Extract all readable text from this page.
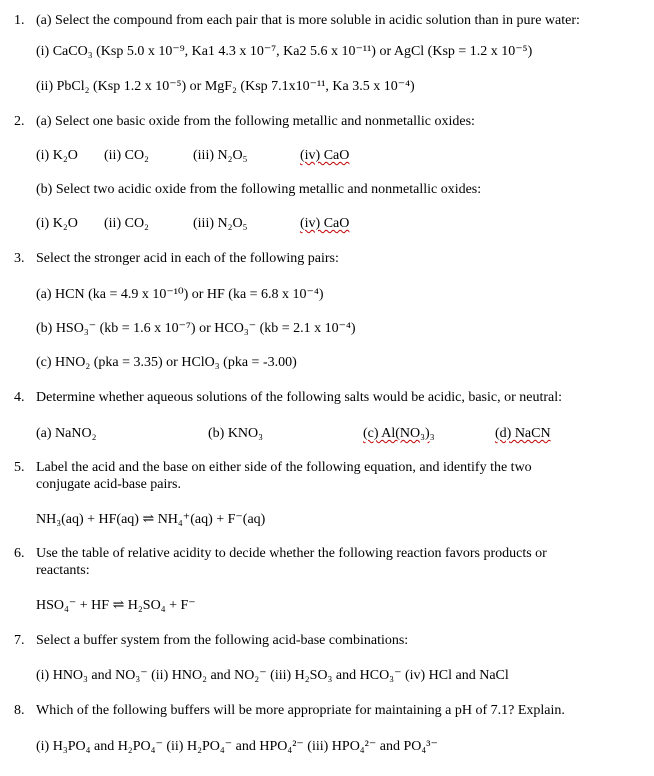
1. (a) Select the compound from each pair that is more soluble in acidic solution than in pure water:
(i) CaCO₃ (Ksp 5.0 x 10⁻⁹, Ka1 4.3 x 10⁻⁷, Ka2 5.6 x 10⁻¹¹) or AgCl (Ksp = 1.2 x 10⁻⁵)
(ii) PbCl₂ (Ksp 1.2 x 10⁻⁵) or MgF₂ (Ksp 7.1x10⁻¹¹, Ka 3.5 x 10⁻⁴)
2. (a) Select one basic oxide from the following metallic and nonmetallic oxides:
(i) K₂O (ii) CO₂	(iii) N₂O₅	(iv) CaO
(b) Select two acidic oxide from the following metallic and nonmetallic oxides:
(i) K₂O (ii) CO₂	(iii) N₂O₅	(iv) CaO
3. Select the stronger acid in each of the following pairs:
(a) HCN (ka = 4.9 x 10⁻¹⁰) or HF (ka = 6.8 x 10⁻⁴)
(b) HSO₃⁻ (kb = 1.6 x 10⁻⁷) or HCO₃⁻ (kb = 2.1 x 10⁻⁴)
(c) HNO₂ (pka = 3.35) or HClO₃ (pka = -3.00)
4. Determine whether aqueous solutions of the following salts would be acidic, basic, or neutral:
(a) NaNO₂	(b) KNO₃	(c) Al(NO₃)₃	(d) NaCN
5. Label the acid and the base on either side of the following equation, and identify the two
conjugate acid-base pairs.
NH₃(aq) + HF(aq) ⇌ NH₄⁺(aq) + F⁻(aq)
6. Use the table of relative acidity to decide whether the following reaction favors products or
reactants:
HSO₄⁻ + HF ⇌ H₂SO₄ + F⁻
7. Select a buffer system from the following acid-base combinations:
(i) HNO₃ and NO₃⁻ (ii) HNO₂ and NO₂⁻ (iii) H₂SO₃ and HCO₃⁻ (iv) HCl and NaCl
8. Which of the following buffers will be more appropriate for maintaining a pH of 7.1? Explain.
(i) H₃PO₄ and H₂PO₄⁻ (ii) H₂PO₄⁻ and HPO₄²⁻ (iii) HPO₄²⁻ and PO₄³⁻
